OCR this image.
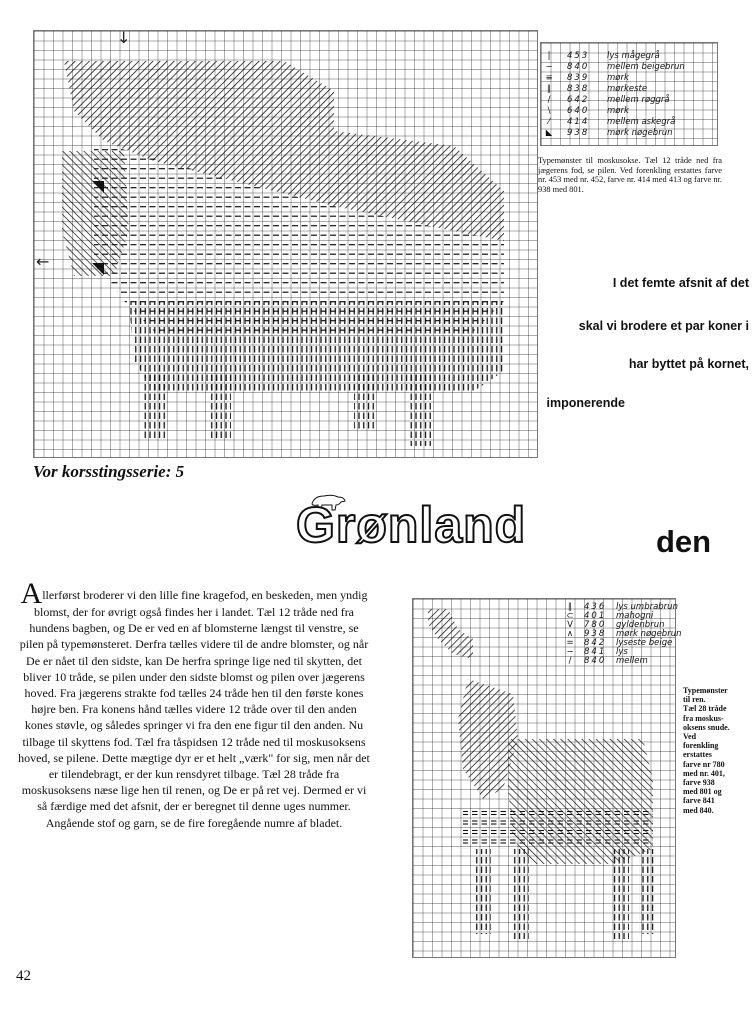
↓
←
|	453 lys mågegrå
− 840 mellem beigebrun
≡ 839 mørk
∥	838 mørkeste
/	642 mellem røggrå
\	640 mørk
⁄	414 mellem askegrå
◣	938 mørk nøgebrun
Typemønster til moskusokse. Tæl 12 tråde ned fra jægerens fod, se pilen. Ved forenkling erstattes farve nr. 453 med nr. 452, farve nr. 414 med 413 og farve nr. 938 med 801.
I det femte afsnit af det
skal vi brodere et par koner i
har byttet på kornet,
imponerende
Vor korsstingsserie: 5
Grønland	den
Allerførst broderer vi den lille fine kragefod, en beskeden, men yndig blomst, der for øvrigt også findes her i landet. Tæl 12 tråde ned fra hundens bagben, og De er ved en af blomsterne længst til venstre, se pilen på typemønsteret. Derfra tælles videre til de andre blomster, og når De er nået til den sidste, kan De herfra springe lige ned til skytten, det bliver 10 tråde, se pilen under den sidste blomst og pilen over jægerens hoved. Fra jægerens strakte fod tælles 24 tråde hen til den første kones højre ben. Fra konens hånd tælles videre 12 tråde over til den anden kones støvle, og således springer vi fra den ene figur til den anden. Nu tilbage til skyttens fod. Tæl fra tåspidsen 12 tråde ned til moskusoksens hoved, se pilene. Dette mægtige dyr er et helt „værk" for sig, men når det er tilendebragt, er der kun rensdyret tilbage. Tæl 28 tråde fra moskusoksens næse lige hen til renen, og De er på ret vej. Dermed er vi så færdige med det afsnit, der er beregnet til denne uges nummer. Angående stof og garn, se de fire foregående numre af bladet.
∥	436 lys umbrabrun
⊂ 401 mahogni
V	780 gyldenbrun
∧	938 mørk nøgebrun
= 842 lyseste beige
− 841 lys
/	840 mellem
Typemønster
til ren.
Tæl 28 tråde
fra moskus-
oksens snude.
Ved
forenkling
erstattes
farve nr 780
med nr. 401,
farve 938
med 801 og
farve 841
med 840.
42
